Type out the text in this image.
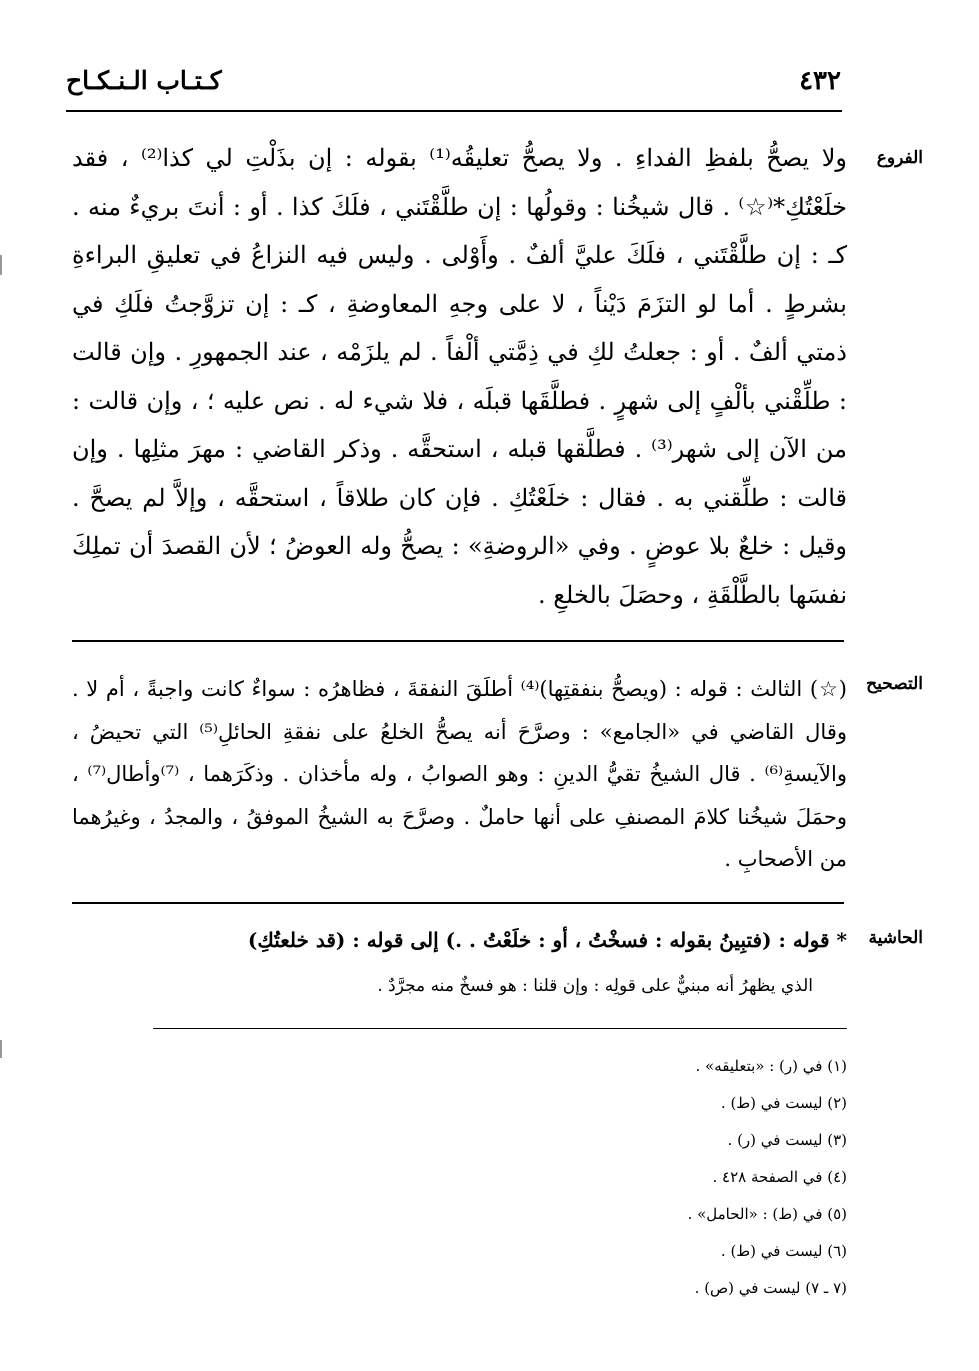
٤٣٢
كـتـاب الـنـكـاح
الفروع
ولا يصحُّ بلفظِ الفداءِ . ولا يصحُّ تعليقُه⁽¹⁾ بقوله : إن بذَلْتِ لي كذا⁽²⁾ ، فقد خلَعْتُكِ*⁽☆⁾ . قال شيخُنا : وقولُها : إن طلَّقْتَني ، فلَكَ كذا . أو : أنتَ بريءٌ منه . كـ : إن طلَّقْتَني ، فلَكَ عليَّ ألفٌ . وأَوْلى . وليس فيه النزاعُ في تعليقِ البراءةِ بشرطٍ . أما لو التزَمَ دَيْناً ، لا على وجهِ المعاوضةِ ، كـ : إن تزوَّجتُ فلَكِ في ذمتي ألفٌ . أو : جعلتُ لكِ في ذِمَّتي ألْفاً . لم يلزَمْه ، عند الجمهورِ . وإن قالت : طلِّقْني بألْفٍ إلى شهرٍ . فطلَّقَها قبلَه ، فلا شيء له . نص عليه ؛ ، وإن قالت : من الآن إلى شهر⁽³⁾ . فطلَّقها قبله ، استحقَّه . وذكر القاضي : مهرَ مثلِها . وإن قالت : طلِّقني به . فقال : خلَعْتُكِ . فإن كان طلاقاً ، استحقَّه ، وإلاَّ لم يصحَّ . وقيل : خلعٌ بلا عوضٍ . وفي «الروضةِ» : يصحُّ وله العوضُ ؛ لأن القصدَ أن تملِكَ نفسَها بالطَّلْقَةِ ، وحصَلَ بالخلعِ .
التصحيح
(☆) الثالث : قوله : (ويصحُّ بنفقتِها)⁽⁴⁾ أطلَقَ النفقةَ ، فظاهرُه : سواءٌ كانت واجبةً ، أم لا . وقال القاضي في «الجامع» : وصرَّحَ أنه يصحُّ الخلعُ على نفقةِ الحائلِ⁽⁵⁾ التي تحيضُ ، والآيسةِ⁽⁶⁾ . قال الشيخُ تقيُّ الدينِ : وهو الصوابُ ، وله مأخذان . وذكَرَهما ، ⁽⁷⁾وأطال⁽⁷⁾ ، وحمَلَ شيخُنا كلامَ المصنفِ على أنها حاملٌ . وصرَّحَ به الشيخُ الموفقُ ، والمجدُ ، وغيرُهما من الأصحابِ .
الحاشية

* قوله : (فتبِينُ بقوله : فسخْتُ ، أو : خلَعْتُ . .) إلى قوله : (قد خلعتُكِ)

الذي يظهرُ أنه مبنيٌّ على قولِه : وإن قلنا : هو فسخٌ منه مجرَّدٌ .

(١) في (ر) : «بتعليقه» .
(٢) ليست في (ط) .
(٣) ليست في (ر) .
(٤) في الصفحة ٤٢٨ .
(٥) في (ط) : «الحامل» .
(٦) ليست في (ط) .
(٧ ـ ٧) ليست في (ص) .
